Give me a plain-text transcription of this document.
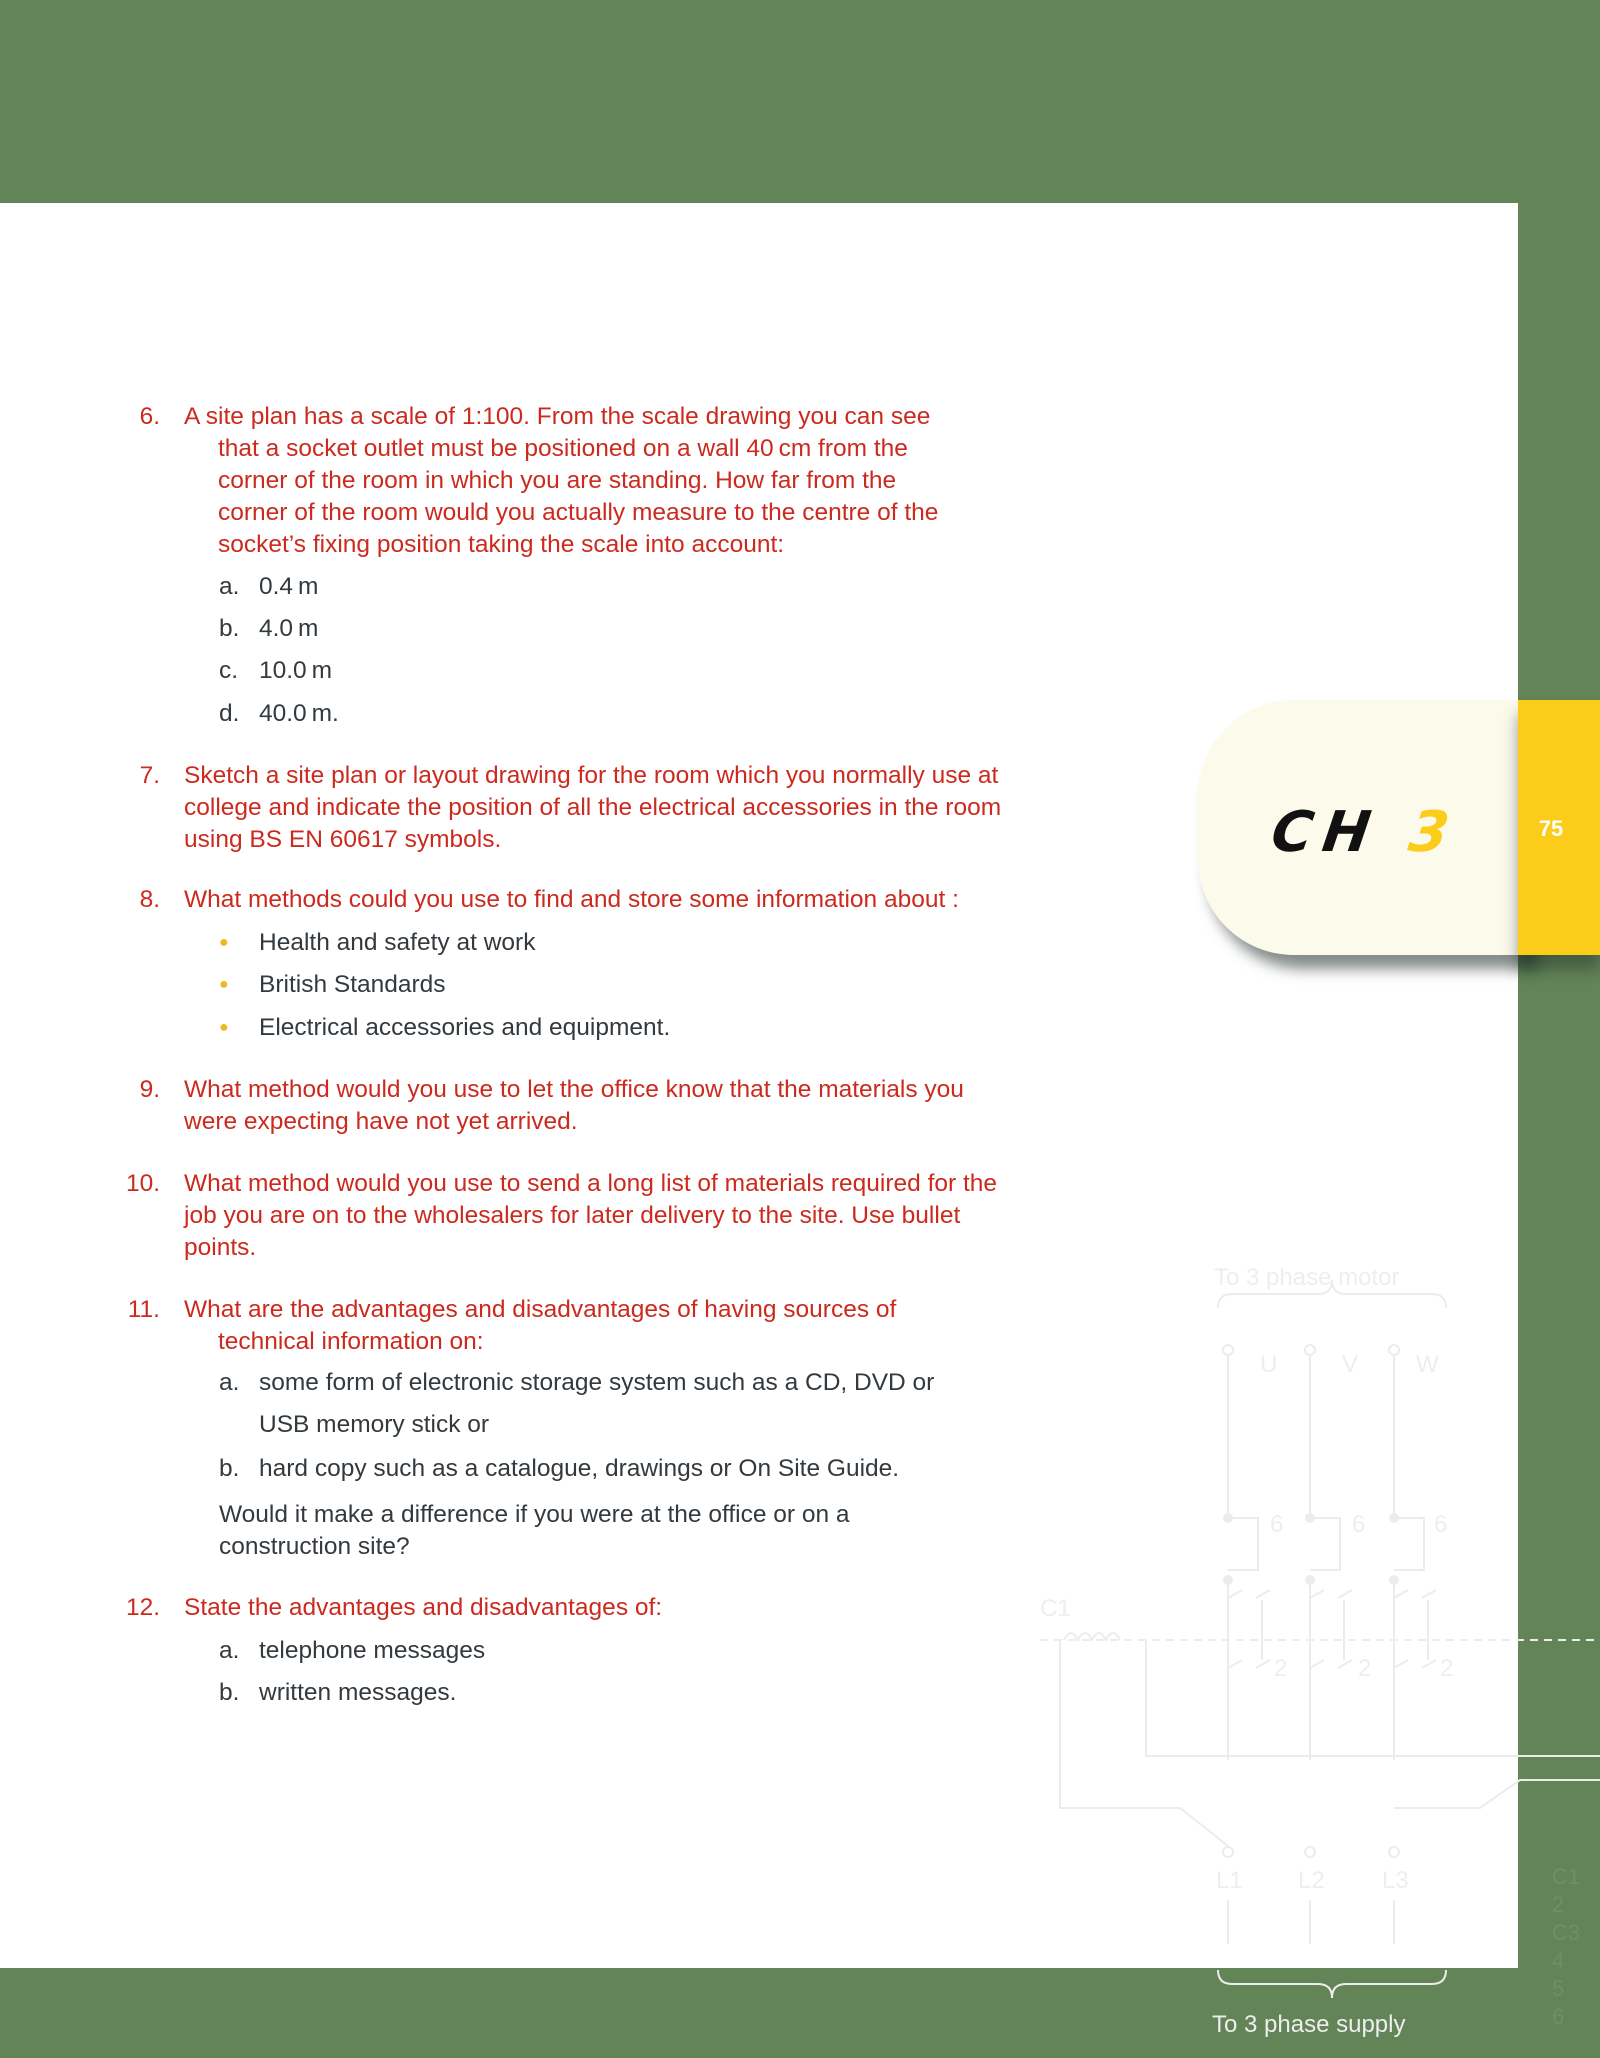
To 3 phase motor
U	V W
6	6	6
C1
2	2	2
L1 L2 L3
To 3 phase supply
C1
2
C3
4
5
6
6. A site plan has a scale of 1:100. From the scale drawing you can see
that a socket outlet must be positioned on a wall 40 cm from the
corner of the room in which you are standing. How far from the
corner of the room would you actually measure to the centre of the
socket’s fixing position taking the scale into account:
a. 0.4 m
b. 4.0 m
c. 10.0 m
d. 40.0 m.
7. Sketch a site plan or layout drawing for the room which you normally use at college and indicate the position of all the electrical accessories in the room using BS EN 60617 symbols.
8. What methods could you use to find and store some information about :
● Health and safety at work
● British Standards
● Electrical accessories and equipment.
9. What method would you use to let the office know that the materials you were expecting have not yet arrived.
10. What method would you use to send a long list of materials required for the job you are on to the wholesalers for later delivery to the site. Use bullet points.
11. What are the advantages and disadvantages of having sources of
technical information on:
a. some form of electronic storage system such as a CD, DVD or USB memory stick or
b. hard copy such as a catalogue, drawings or On Site Guide.
Would it make a difference if you were at the office or on a construction site?
12. State the advantages and disadvantages of:
a. telephone messages
b. written messages.
CH 3	75
